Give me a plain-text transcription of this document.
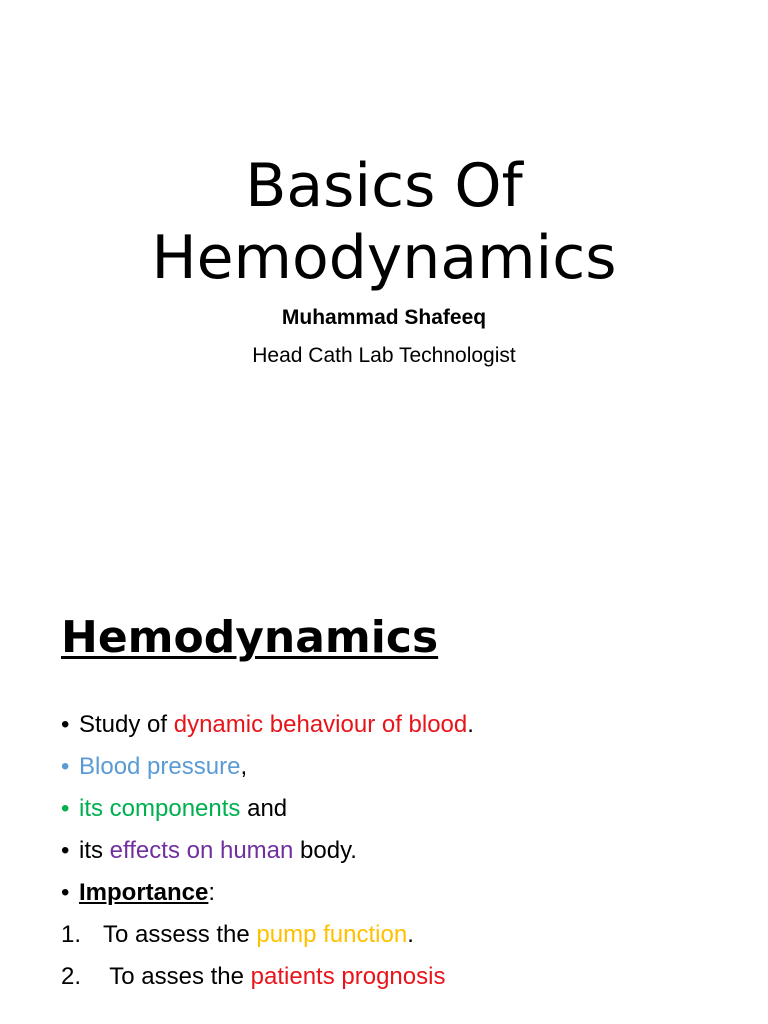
Basics Of
Hemodynamics
Muhammad Shafeeq
Head Cath Lab Technologist
Hemodynamics
• Study of dynamic behaviour of blood.
• Blood pressure,
• its components and
• its effects on human body.
• Importance:
1. To assess the pump function.
2. To asses the patients prognosis
